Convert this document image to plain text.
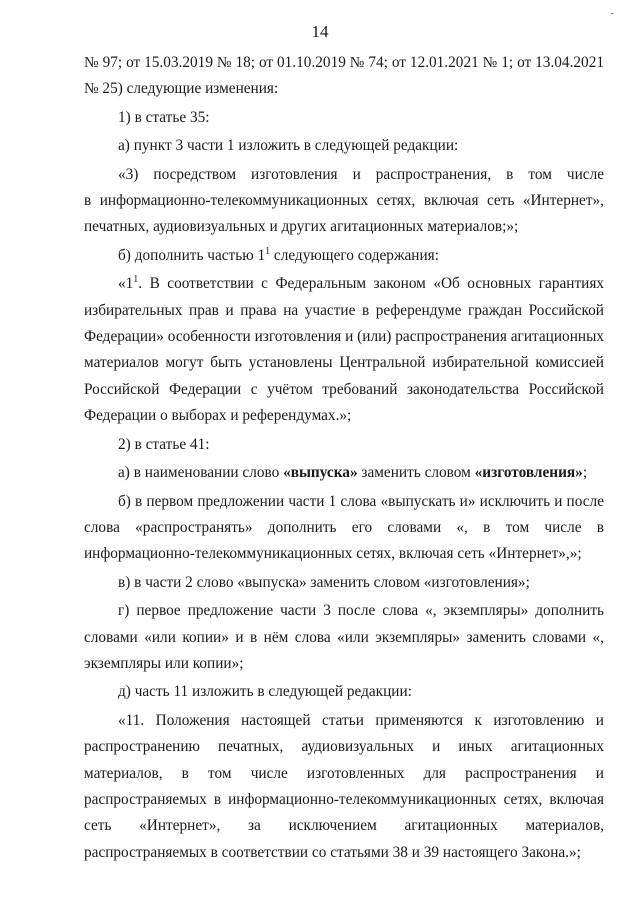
-
14

№ 97; от 15.03.2019 № 18; от 01.10.2019 № 74; от 12.01.2021 № 1; от 13.04.2021

№ 25) следующие изменения:

1) в статье 35:

а) пункт 3 части 1 изложить в следующей редакции:

«3) посредством изготовления и распространения, в том числе

в информационно-телекоммуникационных сетях, включая сеть «Интернет»,

печатных, аудиовизуальных и других агитационных материалов;»;

б) дополнить частью $1^1$ следующего содержания:

«$1^1$. В соответствии с Федеральным законом «Об основных гарантиях избирательных прав и права на участие в референдуме граждан Российской Федерации» особенности изготовления и (или) распространения агитационных материалов могут быть установлены Центральной избирательной комиссией Российской Федерации с учётом требований законодательства Российской Федерации о выборах и референдумах.»;

2) в статье 41:

а) в наименовании слово «выпуска» заменить словом «изготовления»;

б) в первом предложении части 1 слова «выпускать и» исключить и после слова «распространять» дополнить его словами «, в том числе в информационно-телекоммуникационных сетях, включая сеть «Интернет»,»;

в) в части 2 слово «выпуска» заменить словом «изготовления»;

г) первое предложение части 3 после слова «, экземпляры» дополнить словами «или копии» и в нём слова «или экземпляры» заменить словами «, экземпляры или копии»;

д) часть 11 изложить в следующей редакции:

«11. Положения настоящей статьи применяются к изготовлению и распространению печатных, аудиовизуальных и иных агитационных материалов, в том числе изготовленных для распространения и распространяемых в информационно-телекоммуникационных сетях, включая сеть «Интернет», за исключением агитационных материалов, распространяемых в соответствии со статьями 38 и 39 настоящего Закона.»;
